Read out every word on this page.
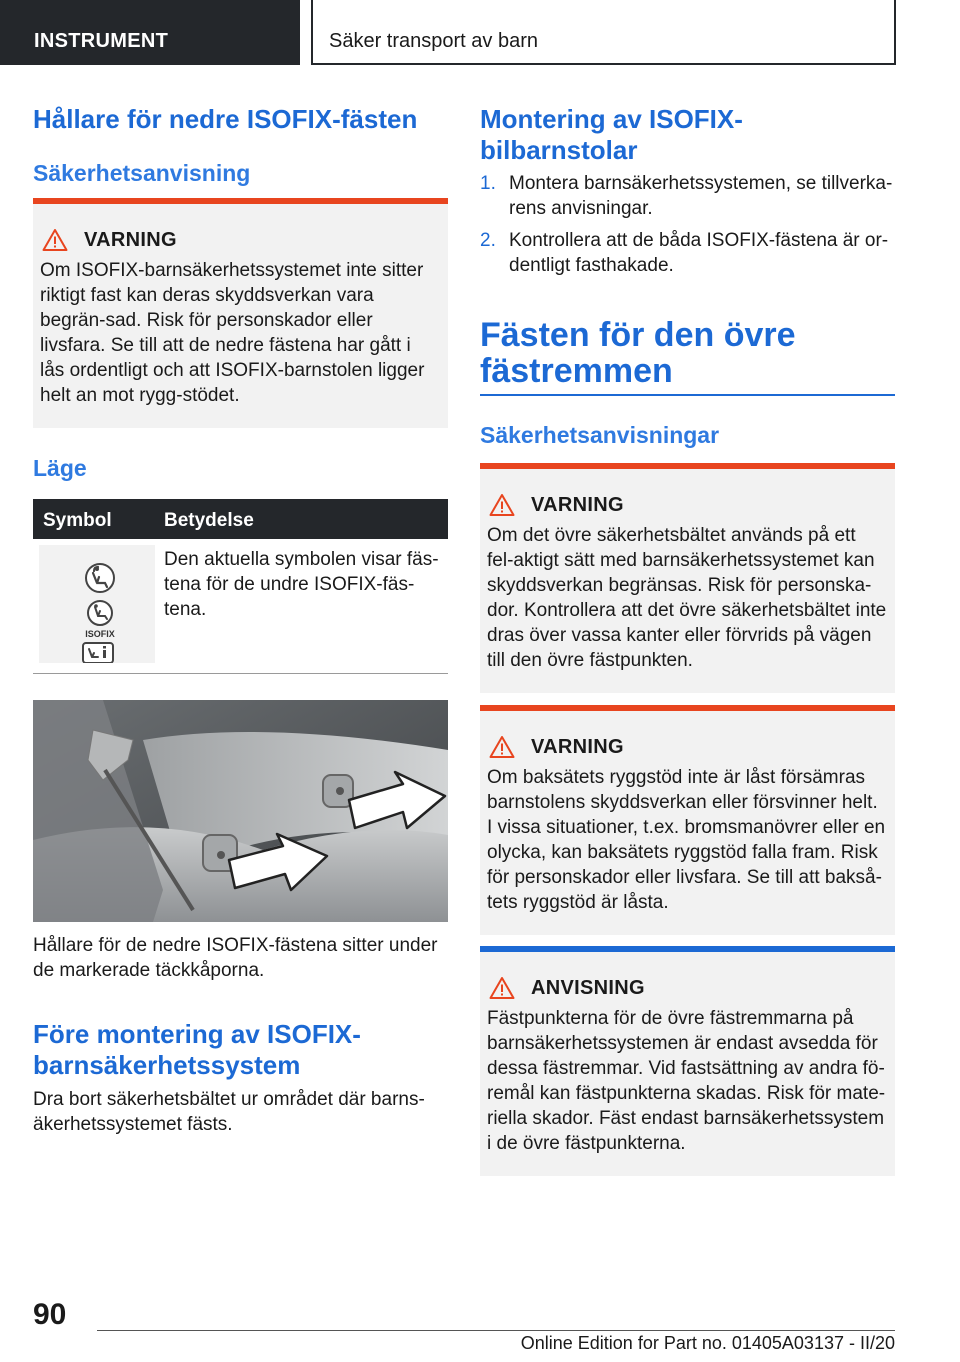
INSTRUMENT	Säker transport av barn
Hållare för nedre ISOFIX-fästen
Säkerhetsanvisning
VARNING
Om ISOFIX-barnsäkerhetssystemet inte sitter riktigt fast kan deras skyddsverkan vara begrän-sad. Risk för personskador eller livsfara. Se till att de nedre fästena har gått i lås ordentligt och att ISOFIX-barnstolen ligger helt an mot rygg-stödet.
Läge
Symbol	Betydelse
ISOFIX
Den aktuella symbolen visar fäs-tena för de undre ISOFIX-fäs-tena.
Hållare för de nedre ISOFIX-fästena sitter under de markerade täckkåporna.
Före montering av ISOFIX-barnsäkerhetssystem
Dra bort säkerhetsbältet ur området där barns-äkerhetssystemet fästs.
Montering av ISOFIX-bilbarnstolar
1. Montera barnsäkerhetssystemen, se tillverka-rens anvisningar.
2. Kontrollera att de båda ISOFIX-fästena är or-dentligt fasthakade.
Fästen för den övre fästremmen
Säkerhetsanvisningar
VARNING
Om det övre säkerhetsbältet används på ett fel-aktigt sätt med barnsäkerhetssystemet kan skyddsverkan begränsas. Risk för personska-dor. Kontrollera att det övre säkerhetsbältet inte dras över vassa kanter eller förvrids på vägen till den övre fästpunkten.
VARNING
Om baksätets ryggstöd inte är låst försämras barnstolens skyddsverkan eller försvinner helt. I vissa situationer, t.ex. bromsmanövrer eller en olycka, kan baksätets ryggstöd falla fram. Risk för personskador eller livsfara. Se till att bakså-tets ryggstöd är låsta.
ANVISNING
Fästpunkterna för de övre fästremmarna på barnsäkerhetssystemen är endast avsedda för dessa fästremmar. Vid fastsättning av andra fö-remål kan fästpunkterna skadas. Risk för mate-riella skador. Fäst endast barnsäkerhetssystem i de övre fästpunkterna.
90
Online Edition for Part no. 01405A03137 - II/20
